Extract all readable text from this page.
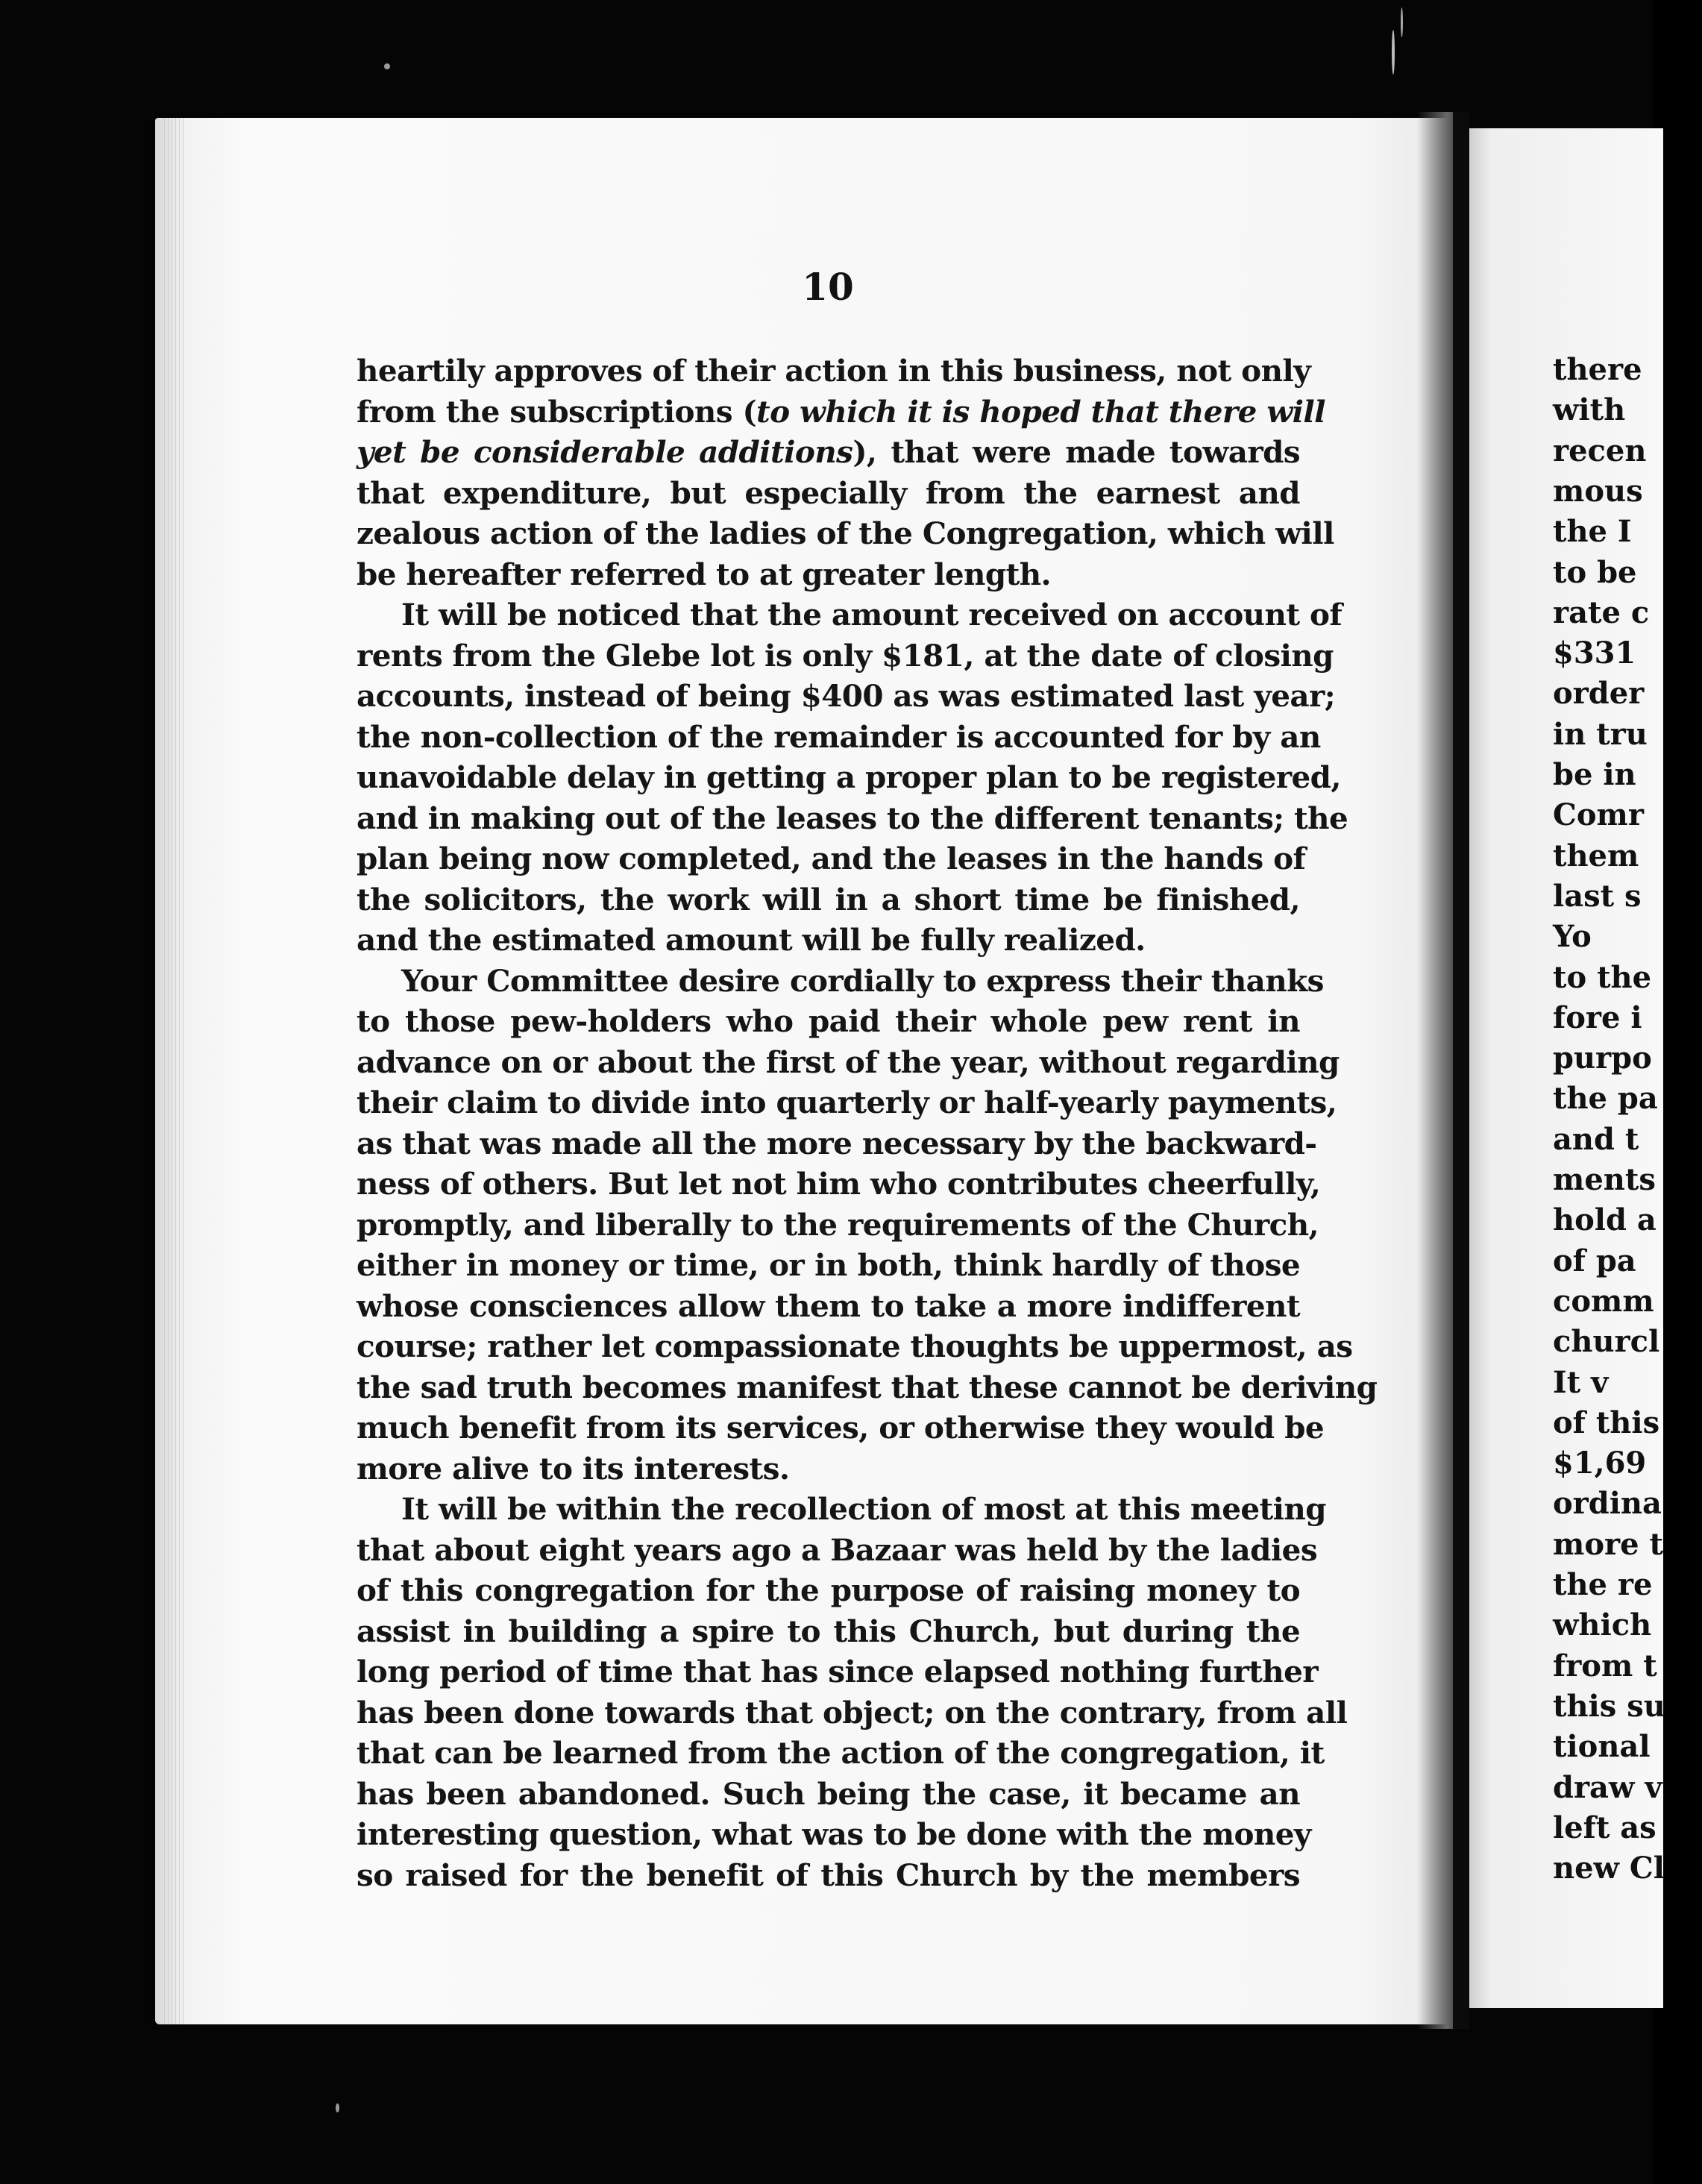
there
with
recen
mous
the I
to be
rate c
$331
order
in tru
be in
Comr
them
last s
Yo
to the
fore i
purpo
the pa
and t
ments
hold a
of pa
comm
churcl
It v
of this
$1,69
ordina
more t
the re
which
from t
this su
tional
draw v
left as
new Cl
10
heartily approves of their action in this business, not only
from the subscriptions (to which it is hoped that there will
yet be considerable additions), that were made towards
that expenditure, but especially from the earnest and
zealous action of the ladies of the Congregation, which will
be hereafter referred to at greater length.
It will be noticed that the amount received on account of
rents from the Glebe lot is only $181, at the date of closing
accounts, instead of being $400 as was estimated last year;
the non-collection of the remainder is accounted for by an
unavoidable delay in getting a proper plan to be registered,
and in making out of the leases to the different tenants; the
plan being now completed, and the leases in the hands of
the solicitors, the work will in a short time be finished,
and the estimated amount will be fully realized.
Your Committee desire cordially to express their thanks
to those pew-holders who paid their whole pew rent in
advance on or about the first of the year, without regarding
their claim to divide into quarterly or half-yearly payments,
as that was made all the more necessary by the backward-
ness of others. But let not him who contributes cheerfully,
promptly, and liberally to the requirements of the Church,
either in money or time, or in both, think hardly of those
whose consciences allow them to take a more indifferent
course; rather let compassionate thoughts be uppermost, as
the sad truth becomes manifest that these cannot be deriving
much benefit from its services, or otherwise they would be
more alive to its interests.
It will be within the recollection of most at this meeting
that about eight years ago a Bazaar was held by the ladies
of this congregation for the purpose of raising money to
assist in building a spire to this Church, but during the
long period of time that has since elapsed nothing further
has been done towards that object; on the contrary, from all
that can be learned from the action of the congregation, it
has been abandoned. Such being the case, it became an
interesting question, what was to be done with the money
so raised for the benefit of this Church by the members
